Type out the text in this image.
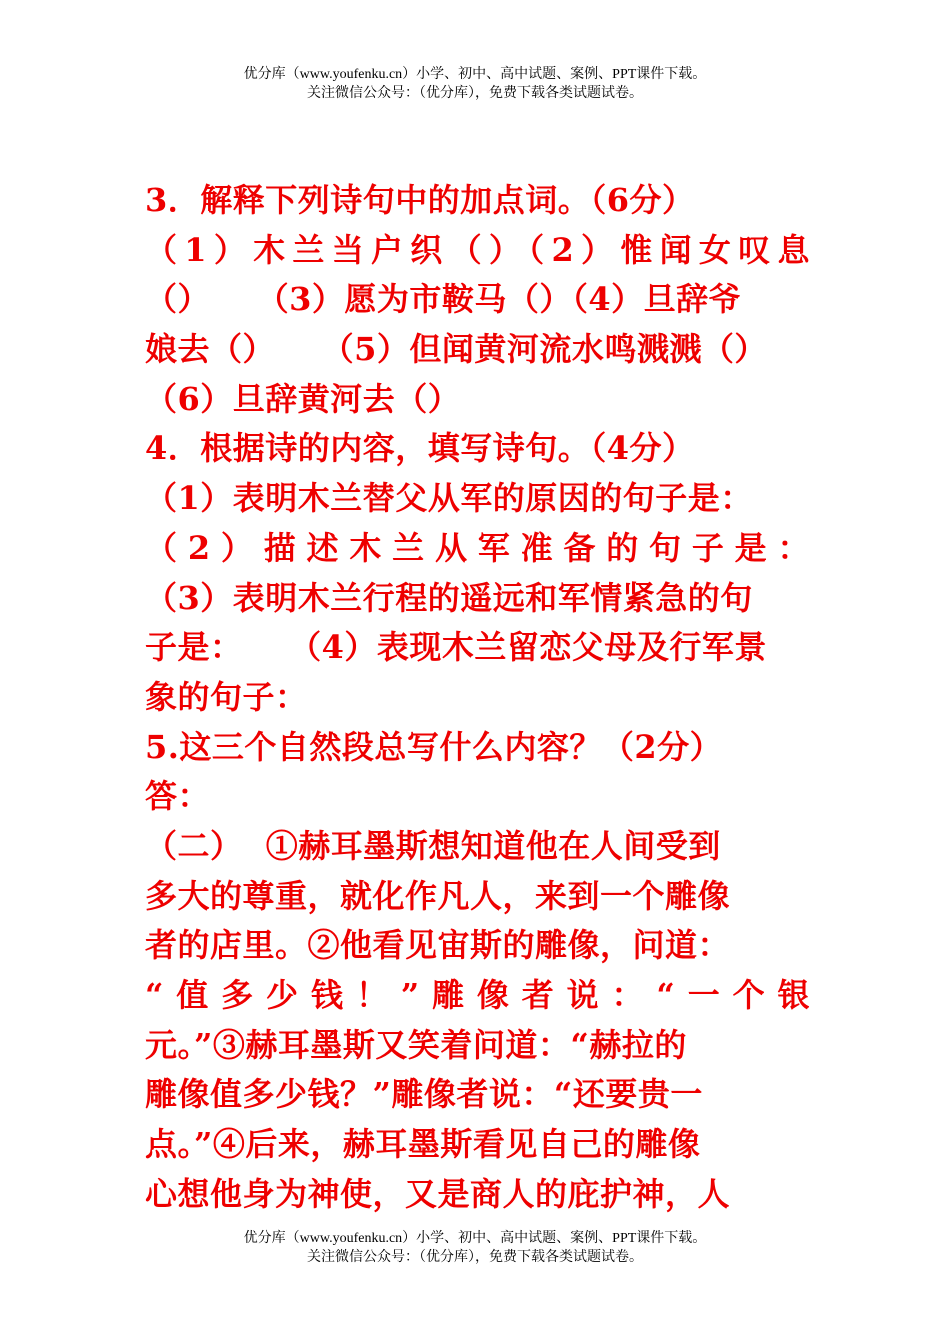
优分库（www.youfenku.cn）小学、初中、高中试题、案例、PPT课件下载。
关注微信公众号：（优分库），免费下载各类试题试卷。
3．解释下列诗句中的加点词。（6分）
（1）木兰当户织（）（2）惟闻女叹息
（）    （3）愿为市鞍马（）（4）旦辞爷
娘去（）    （5）但闻黄河流水鸣溅溅（）
（6）旦辞黄河去（）
4．根据诗的内容，填写诗句。（4分）
（1）表明木兰替父从军的原因的句子是：
（2）描述木兰从军准备的句子是：
（3）表明木兰行程的遥远和军情紧急的句
子是：    （4）表现木兰留恋父母及行军景
象的句子：
5.这三个自然段总写什么内容？（2分）
答：
（二）  ①赫耳墨斯想知道他在人间受到
多大的尊重，就化作凡人，来到一个雕像
者的店里。②他看见宙斯的雕像，问道：
“值多少钱！”雕像者说：“一个银
元。”③赫耳墨斯又笑着问道：“赫拉的
雕像值多少钱？”雕像者说：“还要贵一
点。”④后来，赫耳墨斯看见自己的雕像
心想他身为神使，又是商人的庇护神，人
优分库（www.youfenku.cn）小学、初中、高中试题、案例、PPT课件下载。
关注微信公众号：（优分库），免费下载各类试题试卷。
